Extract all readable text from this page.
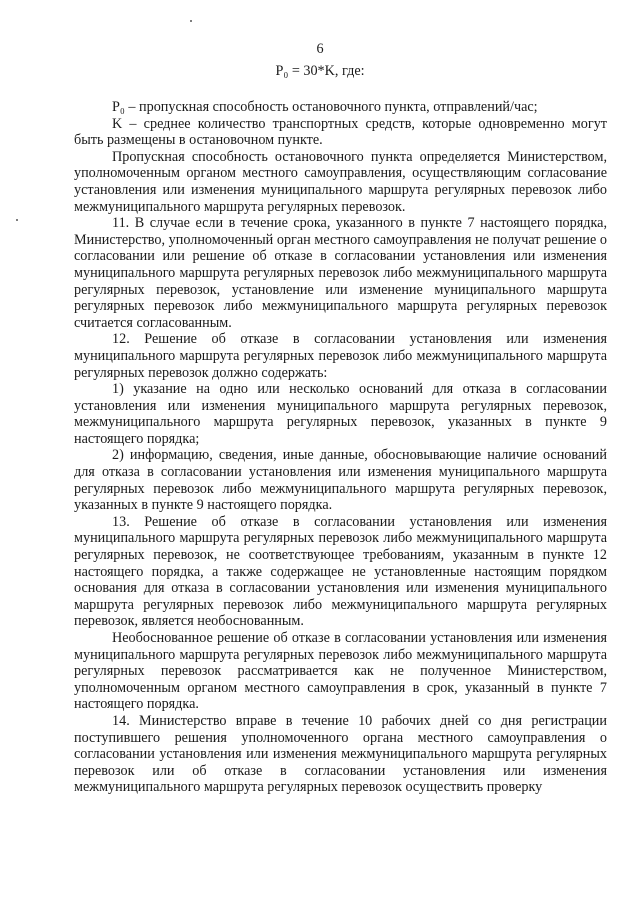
6
P₀ = 30*K, где:

P₀ – пропускная способность остановочного пункта, отправлений/час;

K – среднее количество транспортных средств, которые одновременно могут быть размещены в остановочном пункте.

Пропускная способность остановочного пункта определяется Министерством, уполномоченным органом местного самоуправления, осуществляющим согласование установления или изменения муниципального маршрута регулярных перевозок либо межмуниципального маршрута регулярных перевозок.

11. В случае если в течение срока, указанного в пункте 7 настоящего порядка, Министерство, уполномоченный орган местного самоуправления не получат решение о согласовании или решение об отказе в согласовании установления или изменения муниципального маршрута регулярных перевозок либо межмуниципального маршрута регулярных перевозок, установление или изменение муниципального маршрута регулярных перевозок либо межмуниципального маршрута регулярных перевозок считается согласованным.

12. Решение об отказе в согласовании установления или изменения муниципального маршрута регулярных перевозок либо межмуниципального маршрута регулярных перевозок должно содержать:

1) указание на одно или несколько оснований для отказа в согласовании установления или изменения муниципального маршрута регулярных перевозок, межмуниципального маршрута регулярных перевозок, указанных в пункте 9 настоящего порядка;

2) информацию, сведения, иные данные, обосновывающие наличие оснований для отказа в согласовании установления или изменения муниципального маршрута регулярных перевозок либо межмуниципального маршрута регулярных перевозок, указанных в пункте 9 настоящего порядка.

13. Решение об отказе в согласовании установления или изменения муниципального маршрута регулярных перевозок либо межмуниципального маршрута регулярных перевозок, не соответствующее требованиям, указанным в пункте 12 настоящего порядка, а также содержащее не установленные настоящим порядком основания для отказа в согласовании установления или изменения муниципального маршрута регулярных перевозок либо межмуниципального маршрута регулярных перевозок, является необоснованным.

Необоснованное решение об отказе в согласовании установления или изменения муниципального маршрута регулярных перевозок либо межмуниципального маршрута регулярных перевозок рассматривается как не полученное Министерством, уполномоченным органом местного самоуправления в срок, указанный в пункте 7 настоящего порядка.

14. Министерство вправе в течение 10 рабочих дней со дня регистрации поступившего решения уполномоченного органа местного самоуправления о согласовании установления или изменения межмуниципального маршрута регулярных перевозок или об отказе в согласовании установления или изменения межмуниципального маршрута регулярных перевозок осуществить проверку
